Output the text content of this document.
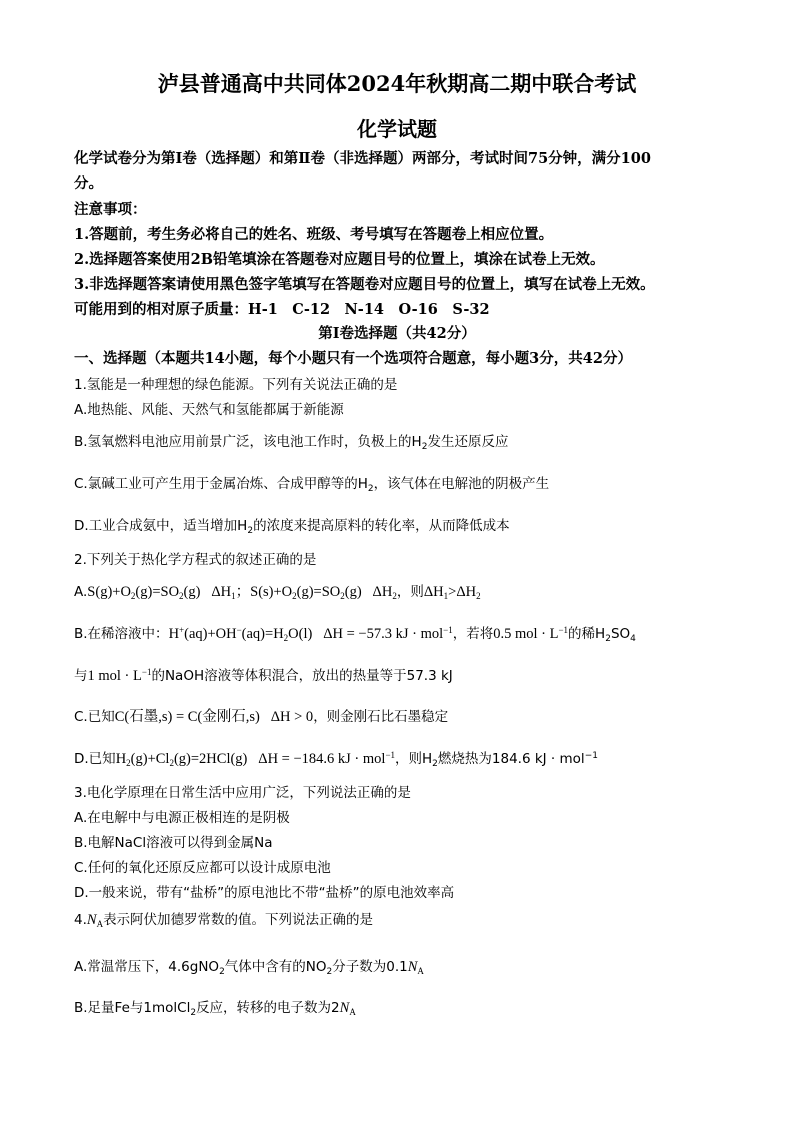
泸县普通高中共同体2024年秋期高二期中联合考试
化学试题
化学试卷分为第Ⅰ卷（选择题）和第Ⅱ卷（非选择题）两部分，考试时间75分钟，满分100
分。
注意事项：
1.答题前，考生务必将自己的姓名、班级、考号填写在答题卷上相应位置。
2.选择题答案使用2B铅笔填涂在答题卷对应题目号的位置上，填涂在试卷上无效。
3.非选择题答案请使用黑色签字笔填写在答题卷对应题目号的位置上，填写在试卷上无效。
可能用到的相对原子质量：H-1　C-12　N-14　O-16　S-32
第Ⅰ卷选择题（共42分）
一、选择题（本题共14小题，每个小题只有一个选项符合题意，每小题3分，共42分）
1.氢能是一种理想的绿色能源。下列有关说法正确的是
A.地热能、风能、天然气和氢能都属于新能源
B.氢氧燃料电池应用前景广泛，该电池工作时，负极上的$H_2$发生还原反应
C.氯碱工业可产生用于金属冶炼、合成甲醇等的$H_2$，该气体在电解池的阴极产生
D.工业合成氨中，适当增加$H_2$的浓度来提高原料的转化率，从而降低成本
2.下列关于热化学方程式的叙述正确的是
$A.S(g)+O_2(g)=SO_2(g)$   $\Delta H_1$；$S(s)+O_2(g)=SO_2(g)$   $\Delta H_2$，则$\Delta H_1>\Delta H_2$
B.在稀溶液中：$H^+(aq)+OH^-(aq)=H_2O(l) \Delta H = -57.3$ kJ · mol$^{-1}$，若将0.5 mol · $L^{-1}$的稀$H_2SO_4$
与1 mol · $L^{-1}$的NaOH溶液等体积混合，放出的热量等于57.3 kJ
C.已知C(石墨,s) = C(金刚石,s)   ΔH > 0，则金刚石比石墨稳定
D.已知$H_2(g)+Cl_2(g)=2HCl(g) \Delta H = -184.6$ kJ · mol$^{-1}$，则$H_2$燃烧热为184.6 kJ · mol$^{-1}$
3.电化学原理在日常生活中应用广泛，下列说法正确的是
A.在电解中与电源正极相连的是阴极
B.电解NaCl溶液可以得到金属Na
C.任何的氧化还原反应都可以设计成原电池
D.一般来说，带有“盐桥”的原电池比不带“盐桥”的原电池效率高
$4.N_A$表示阿伏加德罗常数的值。下列说法正确的是
A.常温常压下，4.6gNO$_2$气体中含有的$NO_2$分子数为$0.1N_A$
B.足量Fe与1molCl$_2$反应，转移的电子数为$2N_A$
